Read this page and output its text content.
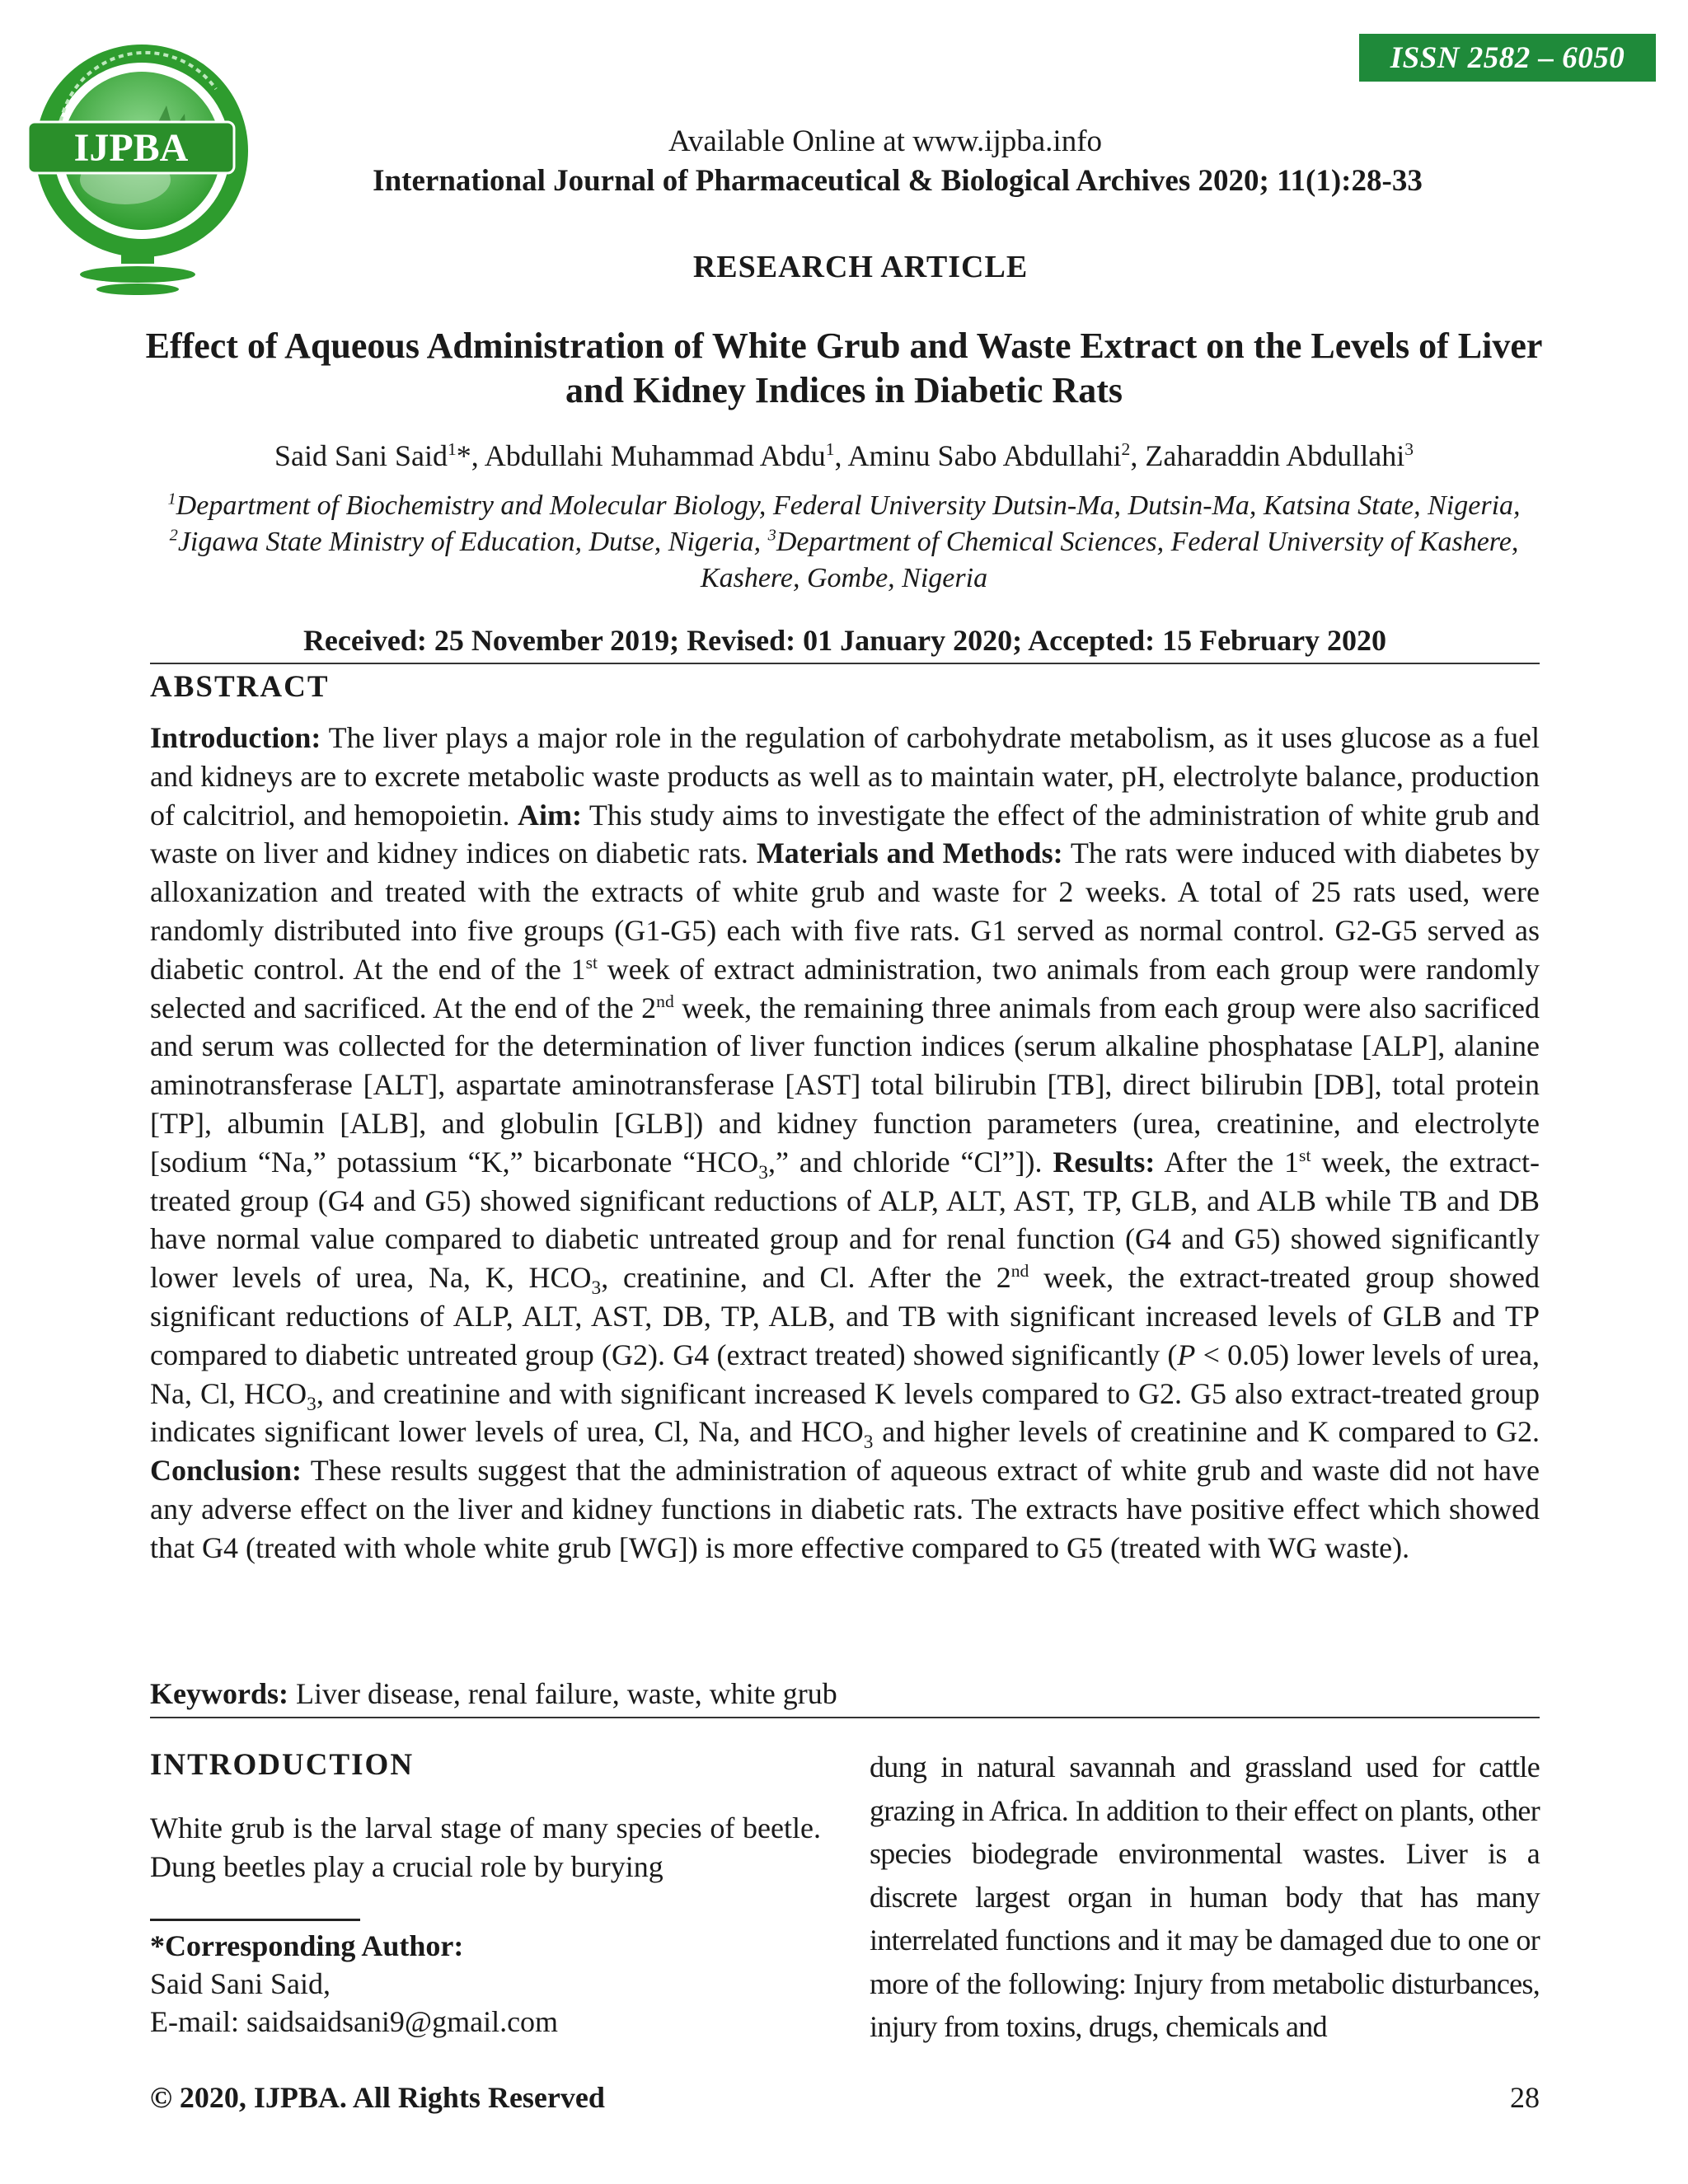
ISSN 2582 – 6050
IJPBA	Available Online at www.ijpba.info
International Journal of Pharmaceutical & Biological Archives 2020; 11(1):28-33
RESEARCH ARTICLE
Effect of Aqueous Administration of White Grub and Waste Extract on the Levels of Liver and Kidney Indices in Diabetic Rats
Said Sani Said$^1$*, Abdullahi Muhammad Abdu$^1$, Aminu Sabo Abdullahi$^2$, Zaharaddin Abdullahi$^3$
$^1$Department of Biochemistry and Molecular Biology, Federal University Dutsin-Ma, Dutsin-Ma, Katsina State, Nigeria, $^2$Jigawa State Ministry of Education, Dutse, Nigeria, $^3$Department of Chemical Sciences, Federal University of Kashere, Kashere, Gombe, Nigeria
Received: 25 November 2019; Revised: 01 January 2020; Accepted: 15 February 2020
ABSTRACT
Introduction: The liver plays a major role in the regulation of carbohydrate metabolism, as it uses glucose as a fuel and kidneys are to excrete metabolic waste products as well as to maintain water, pH, electrolyte balance, production of calcitriol, and hemopoietin. Aim: This study aims to investigate the effect of the administration of white grub and waste on liver and kidney indices on diabetic rats. Materials and Methods: The rats were induced with diabetes by alloxanization and treated with the extracts of white grub and waste for 2 weeks. A total of 25 rats used, were randomly distributed into five groups (G1-G5) each with five rats. G1 served as normal control. G2-G5 served as diabetic control. At the end of the 1st week of extract administration, two animals from each group were randomly selected and sacrificed. At the end of the 2nd week, the remaining three animals from each group were also sacrificed and serum was collected for the determination of liver function indices (serum alkaline phosphatase [ALP], alanine aminotransferase [ALT], aspartate aminotransferase [AST] total bilirubin [TB], direct bilirubin [DB], total protein [TP], albumin [ALB], and globulin [GLB]) and kidney function parameters (urea, creatinine, and electrolyte [sodium “Na,” potassium “K,” bicarbonate “$HCO_3$,” and chloride “Cl”]). Results: After the 1st week, the extract-treated group (G4 and G5) showed significant reductions of ALP, ALT, AST, TP, GLB, and ALB while TB and DB have normal value compared to diabetic untreated group and for renal function (G4 and G5) showed significantly lower levels of urea, Na, K, $HCO_3$, creatinine, and Cl. After the 2nd week, the extract-treated group showed significant reductions of ALP, ALT, AST, DB, TP, ALB, and TB with significant increased levels of GLB and TP compared to diabetic untreated group (G2). G4 (extract treated) showed significantly (P < 0.05) lower levels of urea, Na, Cl, $HCO_3$, and creatinine and with significant increased K levels compared to G2. G5 also extract-treated group indicates significant lower levels of urea, Cl, Na, and $HCO_3$ and higher levels of creatinine and K compared to G2. Conclusion: These results suggest that the administration of aqueous extract of white grub and waste did not have any adverse effect on the liver and kidney functions in diabetic rats. The extracts have positive effect which showed that G4 (treated with whole white grub [WG]) is more effective compared to G5 (treated with WG waste).
Keywords: Liver disease, renal failure, waste, white grub
INTRODUCTION
White grub is the larval stage of many species of beetle. Dung beetles play a crucial role by burying
*Corresponding Author:
Said Sani Said,
E-mail: saidsaidsani9@gmail.com
dung in natural savannah and grassland used for cattle grazing in Africa. In addition to their effect on plants, other species biodegrade environmental wastes. Liver is a discrete largest organ in human body that has many interrelated functions and it may be damaged due to one or more of the following: Injury from metabolic disturbances, injury from toxins, drugs, chemicals and
© 2020, IJPBA. All Rights Reserved	28
